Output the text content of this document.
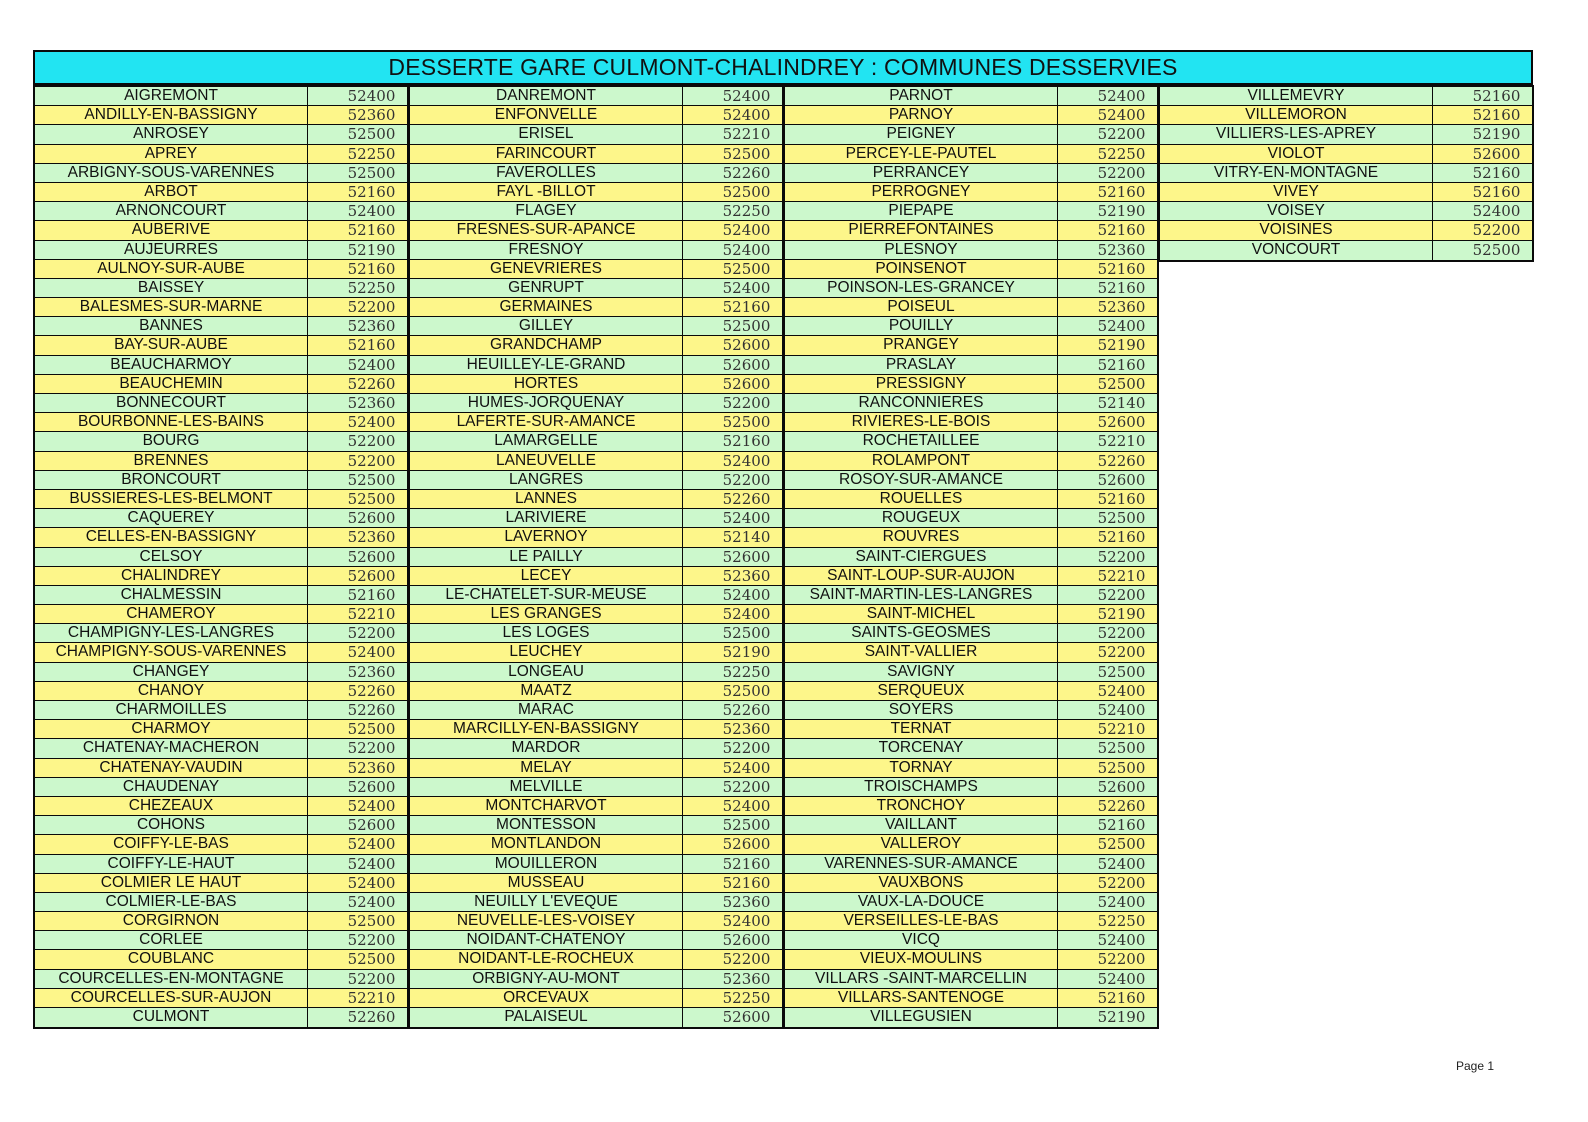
DESSERTE GARE CULMONT-CHALINDREY : COMMUNES DESSERVIES
AIGREMONT	52400
ANDILLY-EN-BASSIGNY	52360
ANROSEY	52500
APREY	52250
ARBIGNY-SOUS-VARENNES	52500
ARBOT	52160
ARNONCOURT	52400
AUBERIVE	52160
AUJEURRES	52190
AULNOY-SUR-AUBE	52160
BAISSEY	52250
BALESMES-SUR-MARNE	52200
BANNES	52360
BAY-SUR-AUBE	52160
BEAUCHARMOY	52400
BEAUCHEMIN	52260
BONNECOURT	52360
BOURBONNE-LES-BAINS	52400
BOURG	52200
BRENNES	52200
BRONCOURT	52500
BUSSIERES-LES-BELMONT	52500
CAQUEREY	52600
CELLES-EN-BASSIGNY	52360
CELSOY	52600
CHALINDREY	52600
CHALMESSIN	52160
CHAMEROY	52210
CHAMPIGNY-LES-LANGRES	52200
CHAMPIGNY-SOUS-VARENNES	52400
CHANGEY	52360
CHANOY	52260
CHARMOILLES	52260
CHARMOY	52500
CHATENAY-MACHERON	52200
CHATENAY-VAUDIN	52360
CHAUDENAY	52600
CHEZEAUX	52400
COHONS	52600
COIFFY-LE-BAS	52400
COIFFY-LE-HAUT	52400
COLMIER LE HAUT	52400
COLMIER-LE-BAS	52400
CORGIRNON	52500
CORLEE	52200
COUBLANC	52500
COURCELLES-EN-MONTAGNE	52200
COURCELLES-SUR-AUJON	52210
CULMONT	52260
DANREMONT	52400
ENFONVELLE	52400
ERISEL	52210
FARINCOURT	52500
FAVEROLLES	52260
FAYL -BILLOT	52500
FLAGEY	52250
FRESNES-SUR-APANCE	52400
FRESNOY	52400
GENEVRIERES	52500
GENRUPT	52400
GERMAINES	52160
GILLEY	52500
GRANDCHAMP	52600
HEUILLEY-LE-GRAND	52600
HORTES	52600
HUMES-JORQUENAY	52200
LAFERTE-SUR-AMANCE	52500
LAMARGELLE	52160
LANEUVELLE	52400
LANGRES	52200
LANNES	52260
LARIVIERE	52400
LAVERNOY	52140
LE PAILLY	52600
LECEY	52360
LE-CHATELET-SUR-MEUSE	52400
LES GRANGES	52400
LES LOGES	52500
LEUCHEY	52190
LONGEAU	52250
MAATZ	52500
MARAC	52260
MARCILLY-EN-BASSIGNY	52360
MARDOR	52200
MELAY	52400
MELVILLE	52200
MONTCHARVOT	52400
MONTESSON	52500
MONTLANDON	52600
MOUILLERON	52160
MUSSEAU	52160
NEUILLY L'EVEQUE	52360
NEUVELLE-LES-VOISEY	52400
NOIDANT-CHATENOY	52600
NOIDANT-LE-ROCHEUX	52200
ORBIGNY-AU-MONT	52360
ORCEVAUX	52250
PALAISEUL	52600
PARNOT	52400
PARNOY	52400
PEIGNEY	52200
PERCEY-LE-PAUTEL	52250
PERRANCEY	52200
PERROGNEY	52160
PIEPAPE	52190
PIERREFONTAINES	52160
PLESNOY	52360
POINSENOT	52160
POINSON-LES-GRANCEY	52160
POISEUL	52360
POUILLY	52400
PRANGEY	52190
PRASLAY	52160
PRESSIGNY	52500
RANCONNIERES	52140
RIVIERES-LE-BOIS	52600
ROCHETAILLEE	52210
ROLAMPONT	52260
ROSOY-SUR-AMANCE	52600
ROUELLES	52160
ROUGEUX	52500
ROUVRES	52160
SAINT-CIERGUES	52200
SAINT-LOUP-SUR-AUJON	52210
SAINT-MARTIN-LES-LANGRES	52200
SAINT-MICHEL	52190
SAINTS-GEOSMES	52200
SAINT-VALLIER	52200
SAVIGNY	52500
SERQUEUX	52400
SOYERS	52400
TERNAT	52210
TORCENAY	52500
TORNAY	52500
TROISCHAMPS	52600
TRONCHOY	52260
VAILLANT	52160
VALLEROY	52500
VARENNES-SUR-AMANCE	52400
VAUXBONS	52200
VAUX-LA-DOUCE	52400
VERSEILLES-LE-BAS	52250
VICQ	52400
VIEUX-MOULINS	52200
VILLARS -SAINT-MARCELLIN	52400
VILLARS-SANTENOGE	52160
VILLEGUSIEN	52190
VILLEMEVRY	52160
VILLEMORON	52160
VILLIERS-LES-APREY	52190
VIOLOT	52600
VITRY-EN-MONTAGNE	52160
VIVEY	52160
VOISEY	52400
VOISINES	52200
VONCOURT	52500
Page 1
